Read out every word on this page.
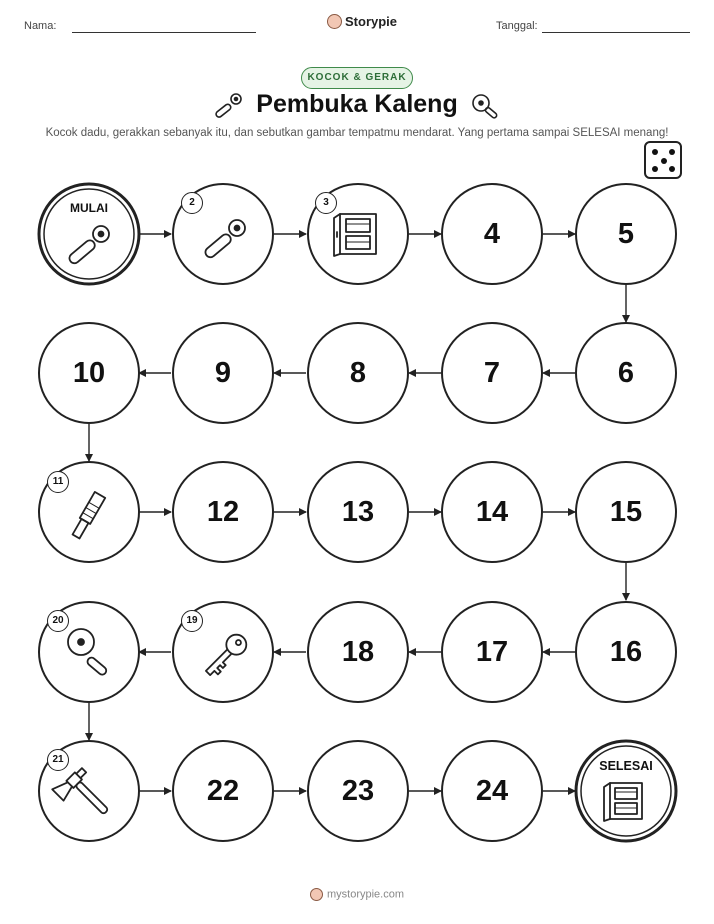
Nama:	Storypie	Tanggal:
KOCOK & GERAK
Pembuka Kaleng
Kocok dadu, gerakkan sebanyak itu, dan sebutkan gambar tempatmu mendarat. Yang pertama sampai SELESAI menang!
MULAI
SELESAI
2	3
11
19
20
21
4	5
6
7
8
9
10
12	13	14	15
16
17
18
22	23	24
mystorypie.com
